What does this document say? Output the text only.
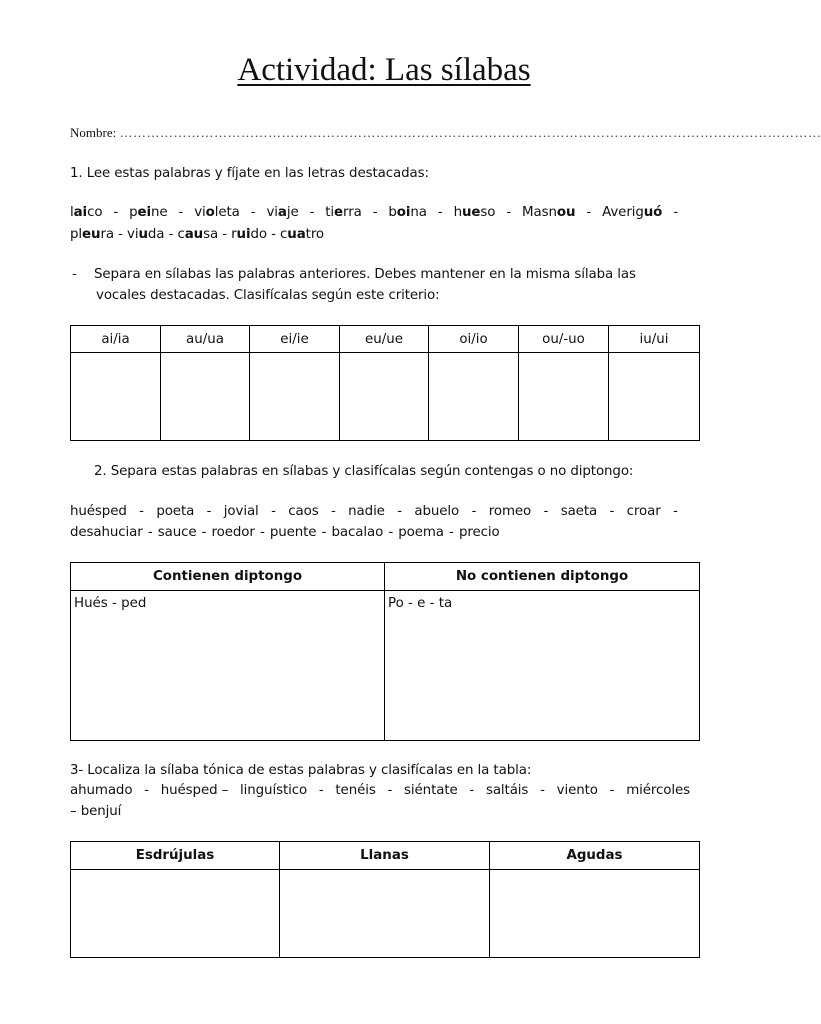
Actividad: Las sílabas
Nombre: …………………………………………………………………………………………………………………………………………
1. Lee estas palabras y fíjate en las letras destacadas:
laico - peine - violeta - viaje - tierra - boina - hueso - Masnou - Averiguó -
pleura - viuda - causa - ruido - cuatro
- Separa en sílabas las palabras anteriores. Debes mantener en la misma sílaba las
vocales destacadas. Clasifícalas según este criterio:
ai/ia	au/ua	ei/ie	eu/ue	oi/io	ou/-uo	iu/ui

2. Separa estas palabras en sílabas y clasifícalas según contengas o no diptongo:
huésped - poeta - jovial - caos - nadie - abuelo - romeo - saeta - croar -
desahuciar - sauce - roedor - puente - bacalao - poema - precio
Contienen diptongo	No contienen diptongo

Hués - ped	Po - e - ta
3- Localiza la sílaba tónica de estas palabras y clasifícalas en la tabla:
ahumado - huésped – linguístico - tenéis - siéntate - saltáis - viento - miércoles
– benjuí
Esdrújulas	Llanas	Agudas
